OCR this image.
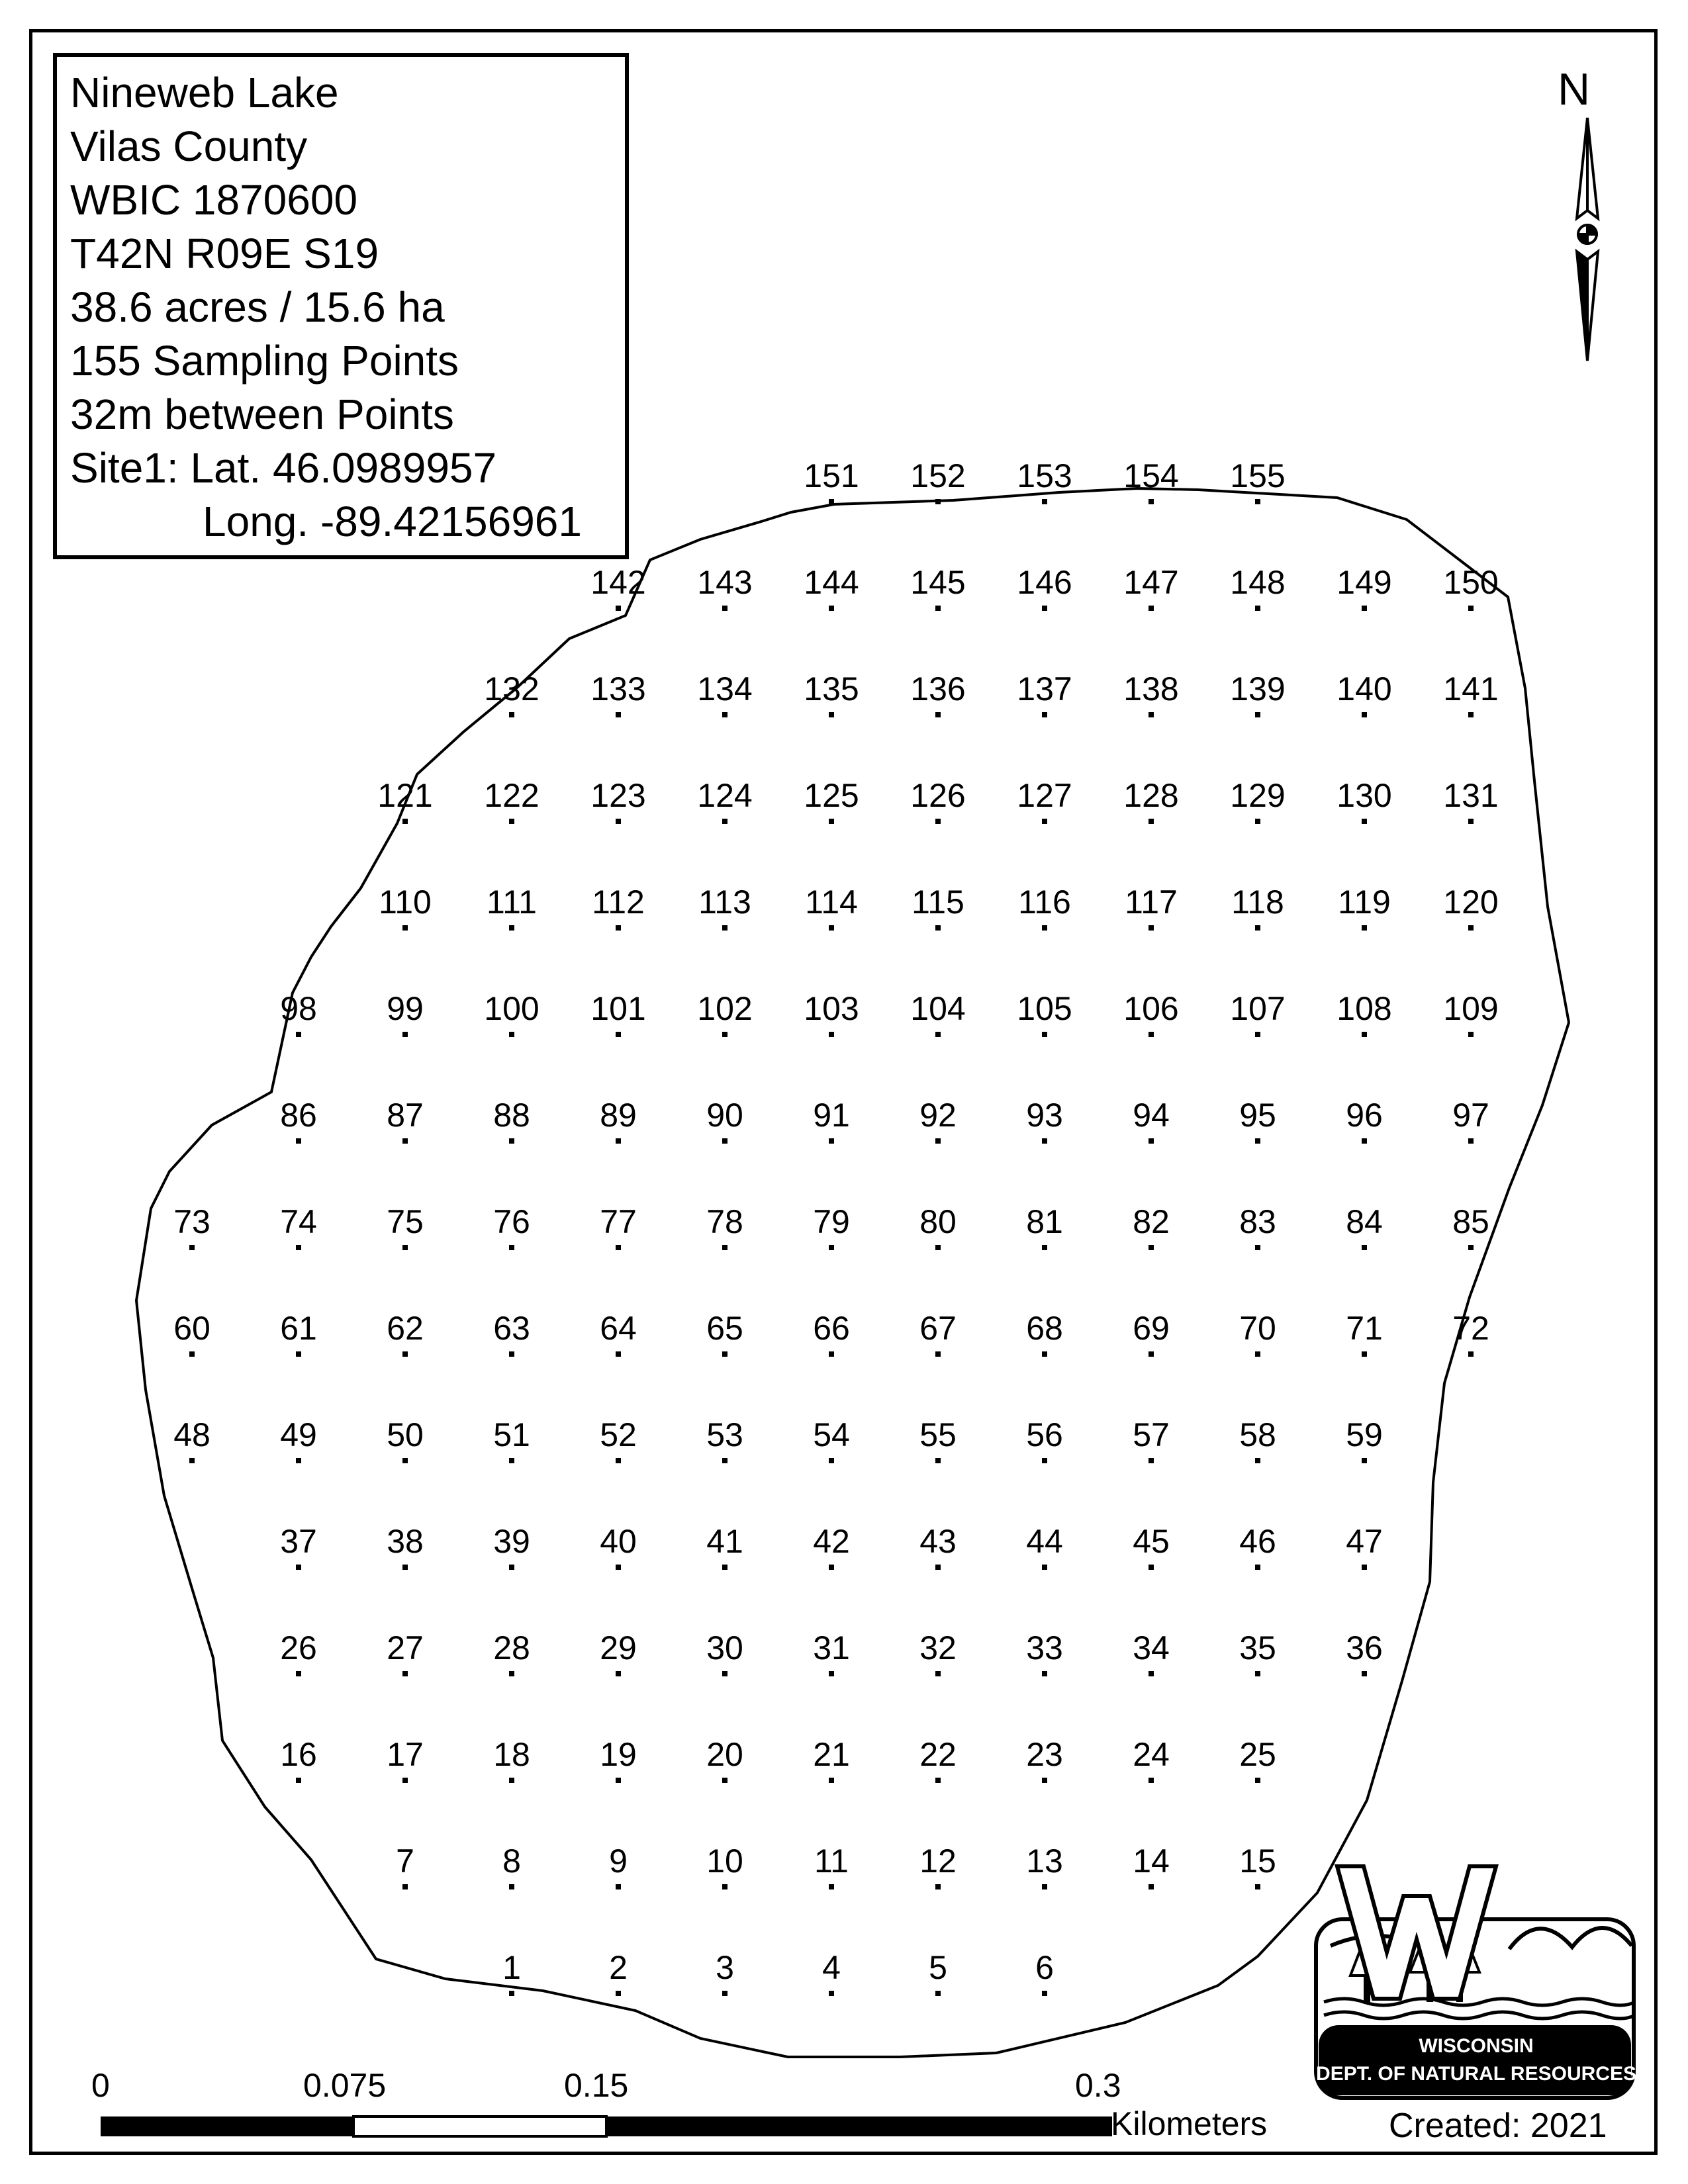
1	2	3	4	5	6
7	8	9 10 11 12 13 14 15
16 17 18 19 20 21 22 23 24 25
26 27 28 29 30 31 32 33 34 35 36
37 38 39 40 41 42 43 44 45 46 47
48 49 50 51 52 53 54 55 56 57 58 59
60 61 62 63 64 65 66 67 68 69 70 71 72
73 74 75 76 77 78 79 80 81 82 83 84 85
86 87 88 89 90 91 92 93 94 95 96 97
98 99 100 101 102 103 104 105 106 107 108 109
110 111 112 113 114 115 116 117 118 119 120
121 122 123 124 125 126 127 128 129 130 131
132 133 134 135 136 137 138 139 140 141
142 143 144 145 146 147 148 149 150
151 152 153 154 155
Nineweb Lake
Vilas County
WBIC 1870600
T42N R09E S19
38.6 acres / 15.6 ha
155 Sampling Points
32m between Points
Site1: Lat. 46.0989957
Long. -89.42156961
N
0	0.075	0.15	0.3
Kilometers
WISCONSIN
DEPT. OF NATURAL RESOURCES
Created: 2021
